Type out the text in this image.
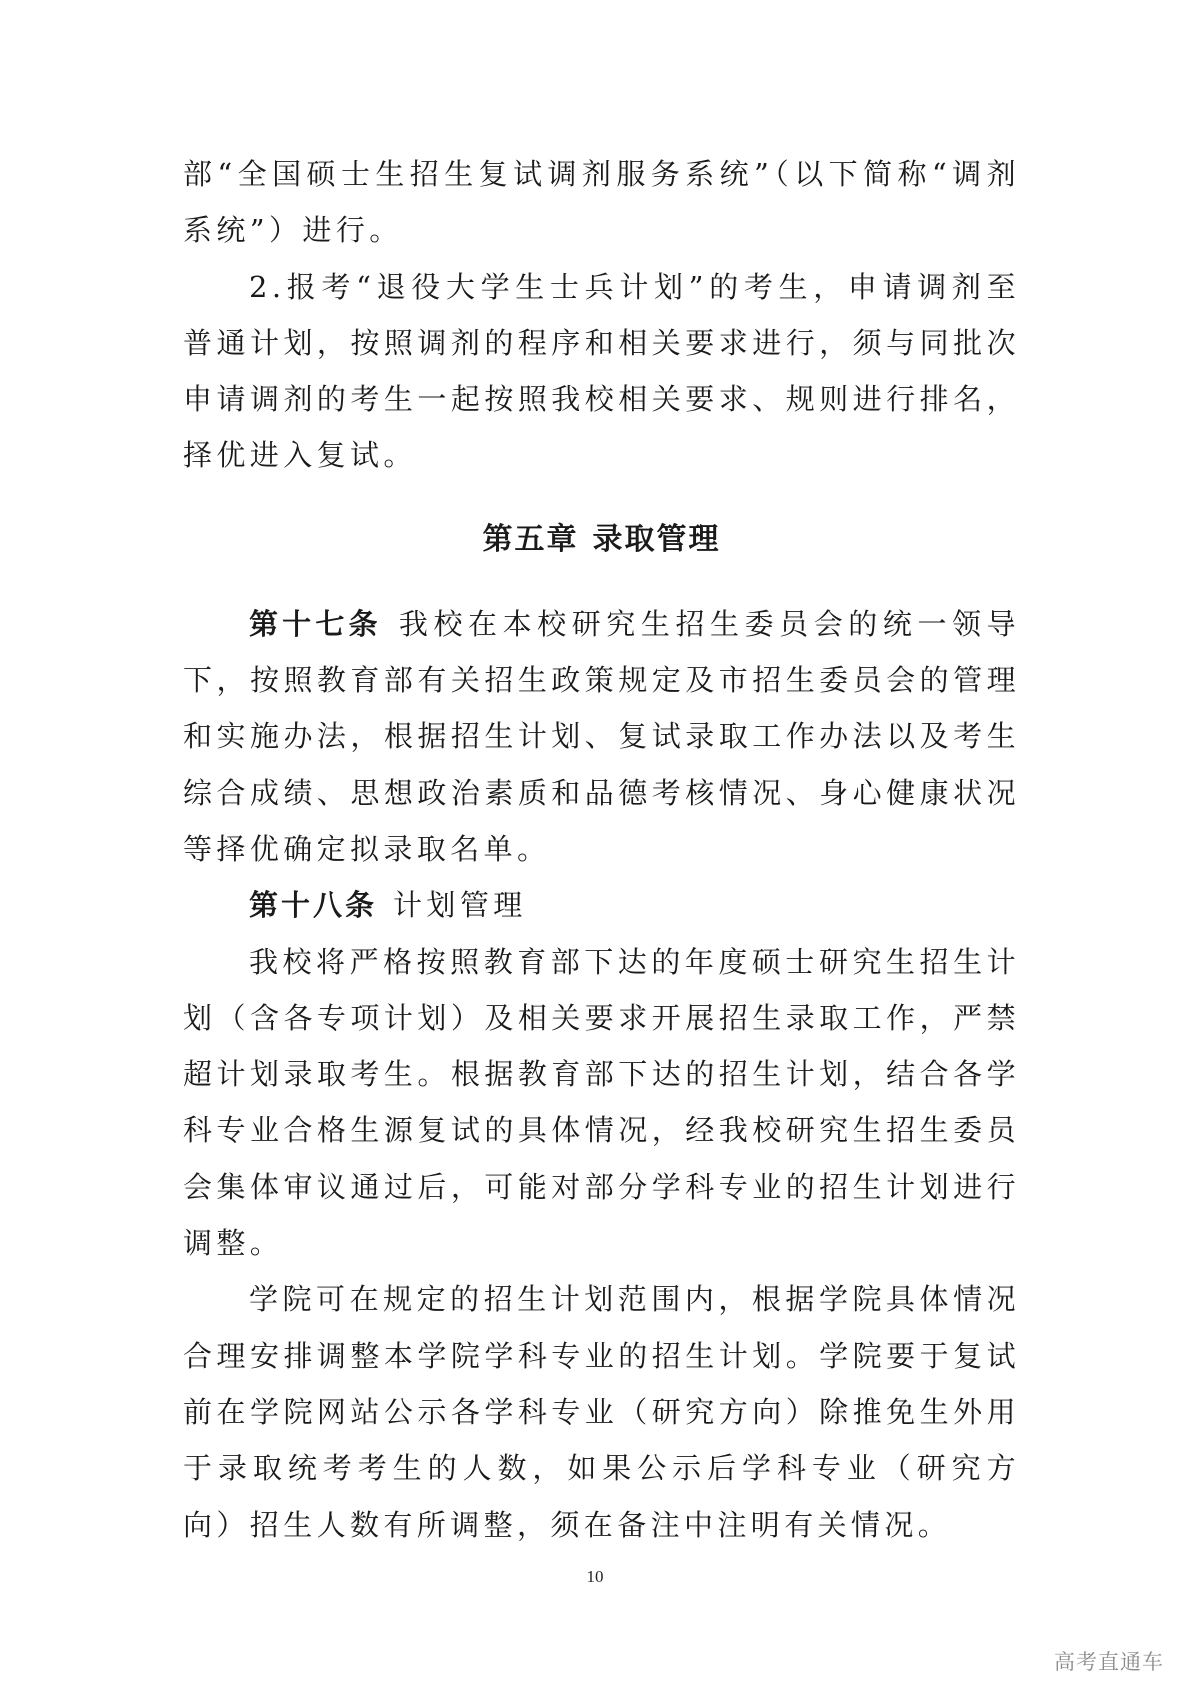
部“全国硕士生招生复试调剂服务系统”（以下简称“调剂系统”）进行。

2.报考“退役大学生士兵计划”的考生，申请调剂至普通计划，按照调剂的程序和相关要求进行，须与同批次申请调剂的考生一起按照我校相关要求、规则进行排名，择优进入复试。

第五章 录取管理

第十七条 我校在本校研究生招生委员会的统一领导下，按照教育部有关招生政策规定及市招生委员会的管理和实施办法，根据招生计划、复试录取工作办法以及考生综合成绩、思想政治素质和品德考核情况、身心健康状况等择优确定拟录取名单。

第十八条 计划管理

我校将严格按照教育部下达的年度硕士研究生招生计划（含各专项计划）及相关要求开展招生录取工作，严禁超计划录取考生。根据教育部下达的招生计划，结合各学科专业合格生源复试的具体情况，经我校研究生招生委员会集体审议通过后，可能对部分学科专业的招生计划进行调整。

学院可在规定的招生计划范围内，根据学院具体情况合理安排调整本学院学科专业的招生计划。学院要于复试前在学院网站公示各学科专业（研究方向）除推免生外用于录取统考考生的人数，如果公示后学科专业（研究方向）招生人数有所调整，须在备注中注明有关情况。

10
高考直通车
